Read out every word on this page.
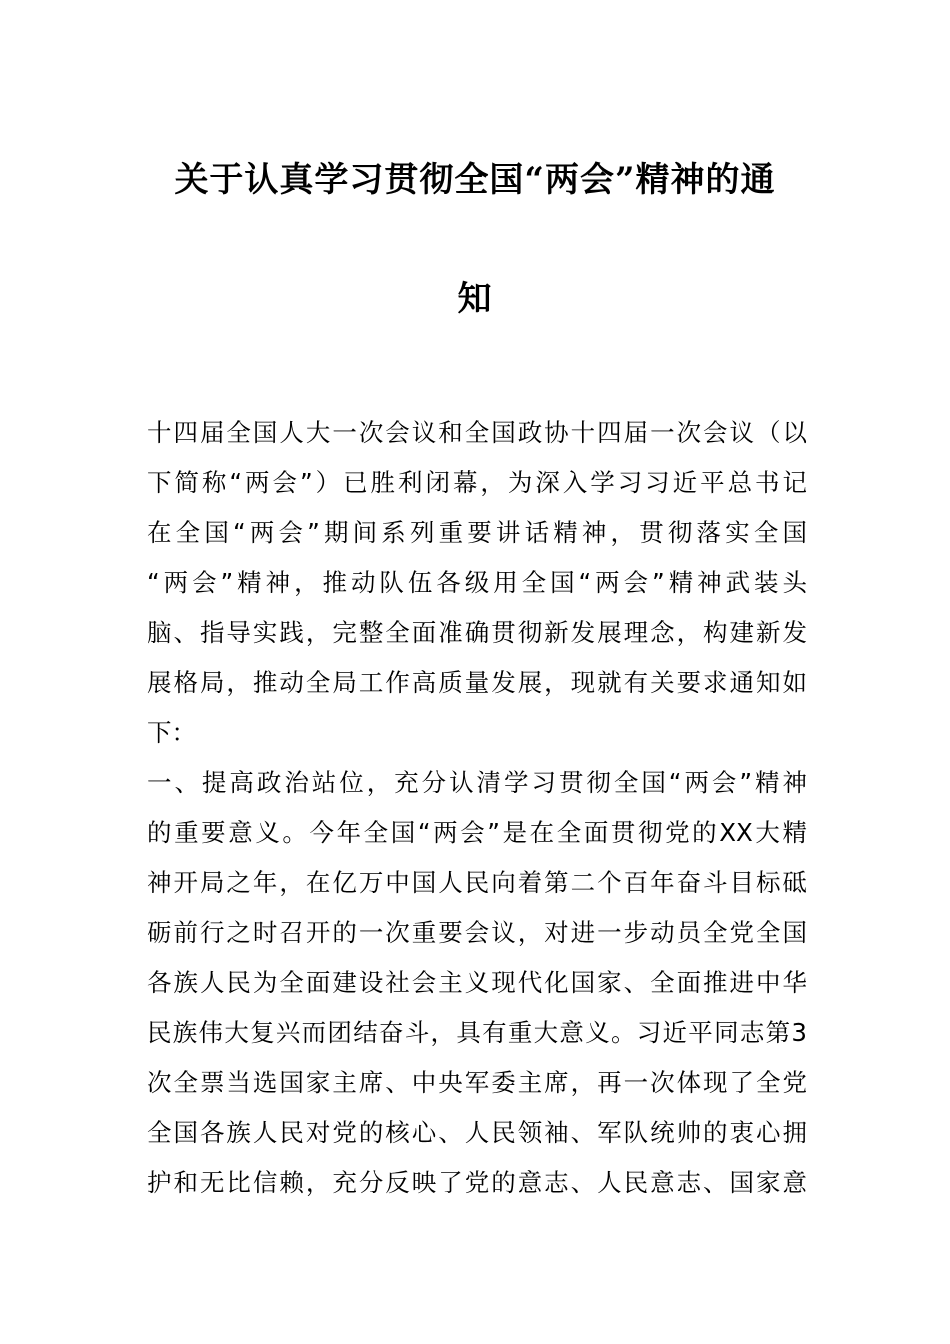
关于认真学习贯彻全国“两会”精神的通
知
十四届全国人大一次会议和全国政协十四届一次会议（以
下简称“两会”）已胜利闭幕，为深入学习习近平总书记
在全国“两会”期间系列重要讲话精神，贯彻落实全国
“两会”精神，推动队伍各级用全国“两会”精神武装头
脑、指导实践，完整全面准确贯彻新发展理念，构建新发
展格局，推动全局工作高质量发展，现就有关要求通知如
下：
一、提高政治站位，充分认清学习贯彻全国“两会”精神
的重要意义。今年全国“两会”是在全面贯彻党的XX大精
神开局之年，在亿万中国人民向着第二个百年奋斗目标砥
砺前行之时召开的一次重要会议，对进一步动员全党全国
各族人民为全面建设社会主义现代化国家、全面推进中华
民族伟大复兴而团结奋斗，具有重大意义。习近平同志第3
次全票当选国家主席、中央军委主席，再一次体现了全党
全国各族人民对党的核心、人民领袖、军队统帅的衷心拥
护和无比信赖，充分反映了党的意志、人民意志、国家意
